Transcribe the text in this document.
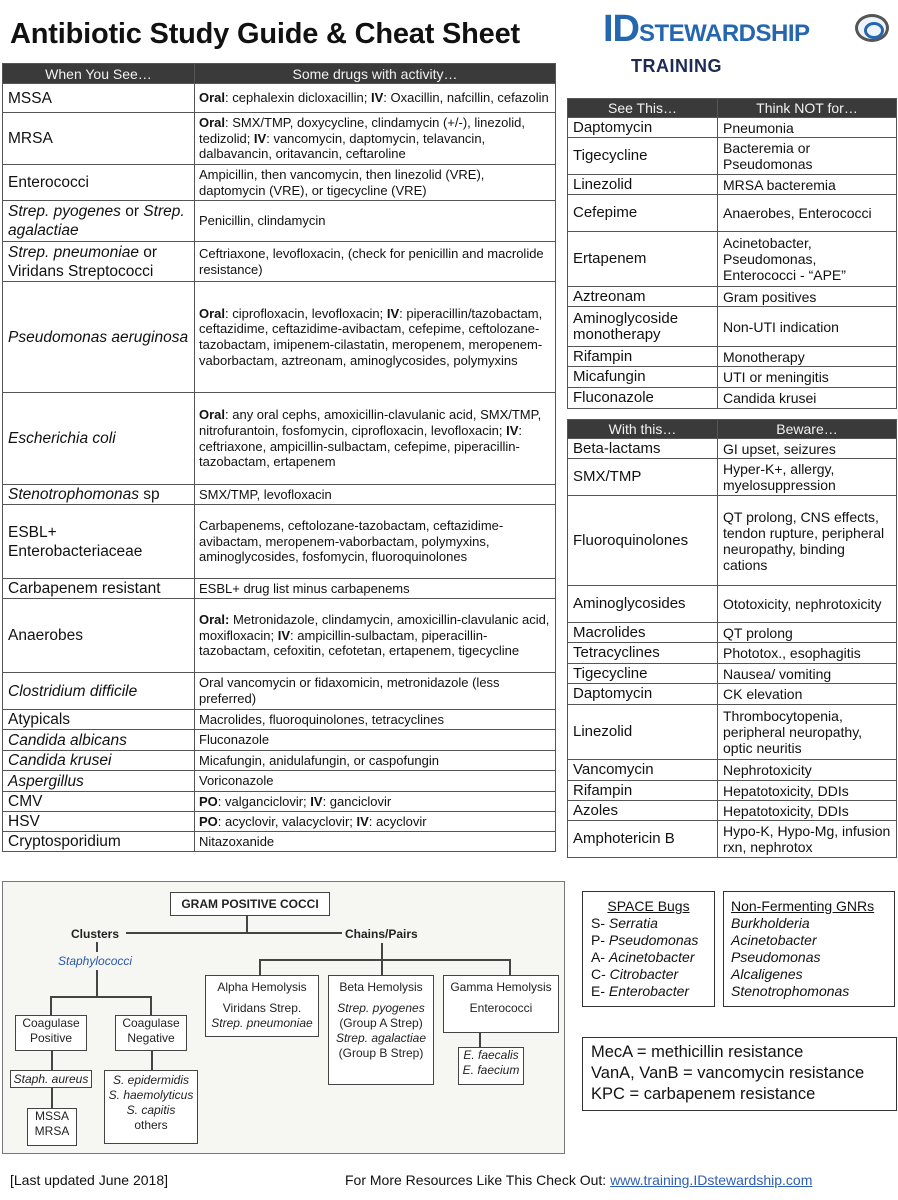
Antibiotic Study Guide & Cheat Sheet IDSTEWARDSHIP
TRAINING
When You See…	Some drugs with activity…
MSSA	Oral: cephalexin dicloxacillin; IV: Oxacillin, nafcillin, cefazolin
MRSA	Oral: SMX/TMP, doxycycline, clindamycin (+/-), linezolid, tedizolid; IV: vancomycin, daptomycin, telavancin, dalbavancin, oritavancin, ceftaroline
Enterococci	Ampicillin, then vancomycin, then linezolid (VRE), daptomycin (VRE), or tigecycline (VRE)
Strep. pyogenes or Strep. agalactiae	Penicillin, clindamycin
Strep. pneumoniae or Viridans Streptococci	Ceftriaxone, levofloxacin, (check for penicillin and macrolide resistance)
Pseudomonas aeruginosa	Oral: ciprofloxacin, levofloxacin; IV: piperacillin/tazobactam, ceftazidime, ceftazidime-avibactam, cefepime, ceftolozane-tazobactam, imipenem-cilastatin, meropenem, meropenem-vaborbactam, aztreonam, aminoglycosides, polymyxins
Escherichia coli	Oral: any oral cephs, amoxicillin-clavulanic acid, SMX/TMP, nitrofurantoin, fosfomycin, ciprofloxacin, levofloxacin; IV: ceftriaxone, ampicillin-sulbactam, cefepime, piperacillin-tazobactam, ertapenem
Stenotrophomonas sp	SMX/TMP, levofloxacin
ESBL+ Enterobacteriaceae	Carbapenems, ceftolozane-tazobactam, ceftazidime-avibactam, meropenem-vaborbactam, polymyxins, aminoglycosides, fosfomycin, fluoroquinolones
Carbapenem resistant	ESBL+ drug list minus carbapenems
Anaerobes	Oral: Metronidazole, clindamycin, amoxicillin-clavulanic acid, moxifloxacin; IV: ampicillin-sulbactam, piperacillin-tazobactam, cefoxitin, cefotetan, ertapenem, tigecycline
Clostridium difficile	Oral vancomycin or fidaxomicin, metronidazole (less preferred)
Atypicals	Macrolides, fluoroquinolones, tetracyclines
Candida albicans	Fluconazole
Candida krusei	Micafungin, anidulafungin, or caspofungin
Aspergillus	Voriconazole
CMV	PO: valganciclovir; IV: ganciclovir
HSV	PO: acyclovir, valacyclovir; IV: acyclovir
Cryptosporidium	Nitazoxanide
See This…	Think NOT for…
Daptomycin	Pneumonia
Tigecycline	Bacteremia or Pseudomonas
Linezolid	MRSA bacteremia
Cefepime	Anaerobes, Enterococci
Ertapenem	Acinetobacter, Pseudomonas, Enterococci - “APE”
Aztreonam	Gram positives
Aminoglycoside monotherapy	Non-UTI indication
Rifampin	Monotherapy
Micafungin	UTI or meningitis
Fluconazole	Candida krusei
With this…	Beware…
Beta-lactams	GI upset, seizures
SMX/TMP	Hyper-K+, allergy, myelosuppression
Fluoroquinolones	QT prolong, CNS effects, tendon rupture, peripheral neuropathy, binding cations
Aminoglycosides	Ototoxicity, nephrotoxicity
Macrolides	QT prolong
Tetracyclines	Phototox., esophagitis
Tigecycline	Nausea/ vomiting
Daptomycin	CK elevation
Linezolid	Thrombocytopenia, peripheral neuropathy, optic neuritis
Vancomycin	Nephrotoxicity
Rifampin	Hepatotoxicity, DDIs
Azoles	Hepatotoxicity, DDIs
Amphotericin B	Hypo-K, Hypo-Mg, infusion rxn, nephrotox
GRAM POSITIVE COCCI
Clusters
Staphylococci
Chains/Pairs
Coagulase Positive
Coagulase Negative
Staph. aureus
MSSA
MRSA
S. epidermidis
S. haemolyticus
S. capitis
others
Alpha Hemolysis
Viridans Strep.
Strep. pneumoniae
Beta Hemolysis
Strep. pyogenes
(Group A Strep)
Strep. agalactiae
(Group B Strep)
Gamma Hemolysis
Enterococci
E. faecalis
E. faecium
SPACE Bugs
S- Serratia
P- Pseudomonas
A- Acinetobacter
C- Citrobacter
E- Enterobacter
Non-Fermenting GNRs
Burkholderia
Acinetobacter
Pseudomonas
Alcaligenes
Stenotrophomonas
MecA = methicillin resistance
VanA, VanB = vancomycin resistance
KPC = carbapenem resistance
[Last updated June 2018]	For More Resources Like This Check Out: www.training.IDstewardship.com
